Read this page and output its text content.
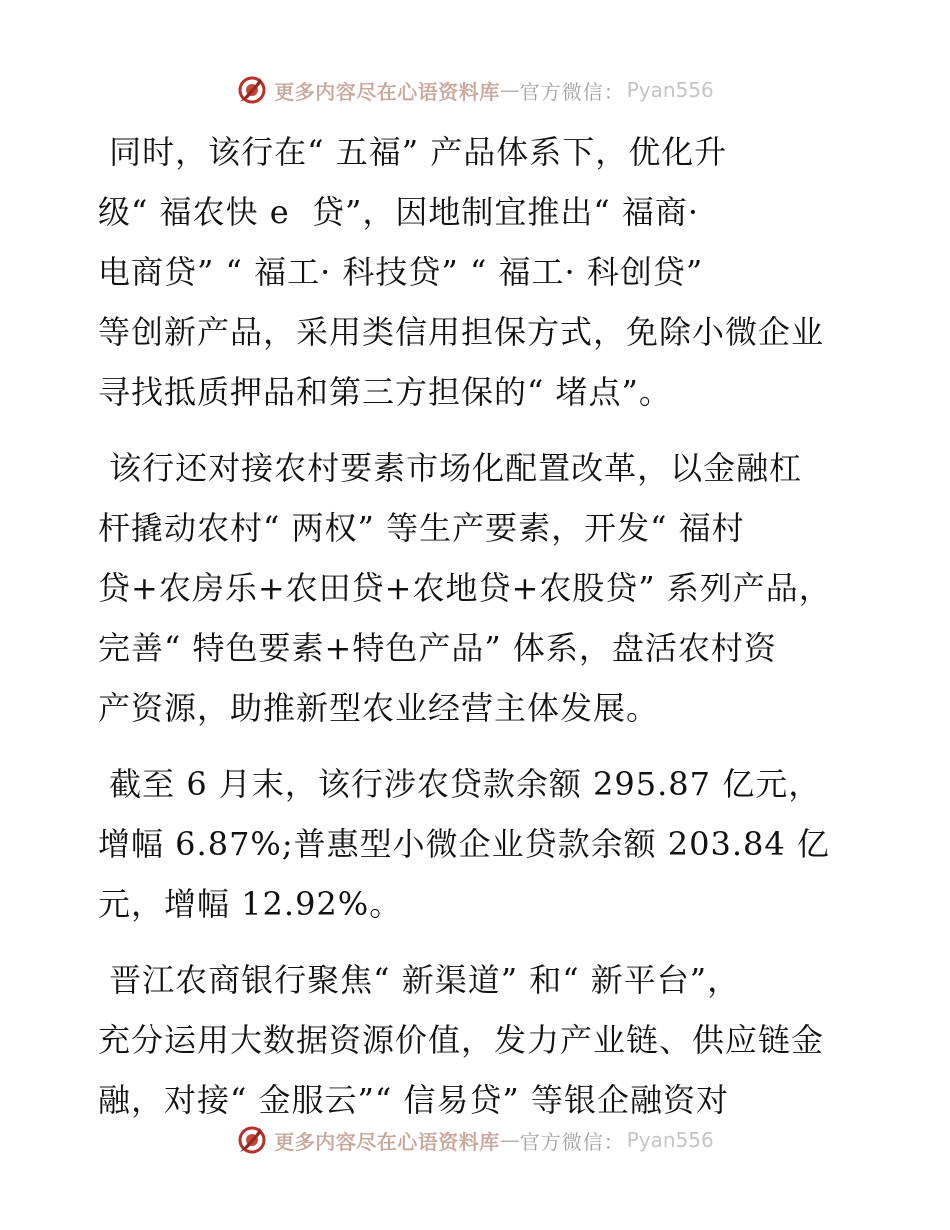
更多内容尽在心语资料库 — 官方微信： Pyan556
同时，该行在“ 五福” 产品体系下，优化升
级“ 福农快 e  贷”，因地制宜推出“ 福商·
电商贷” “ 福工· 科技贷” “ 福工· 科创贷”
等创新产品，采用类信用担保方式，免除小微企业
寻找抵质押品和第三方担保的“ 堵点”。
该行还对接农村要素市场化配置改革，以金融杠
杆撬动农村“ 两权” 等生产要素，开发“ 福村
贷+农房乐+农田贷+农地贷+农股贷” 系列产品，
完善“ 特色要素+特色产品” 体系，盘活农村资
产资源，助推新型农业经营主体发展。
截至 6 月末，该行涉农贷款余额 295.87 亿元，
增幅 6.87%;普惠型小微企业贷款余额 203.84 亿
元，增幅 12.92%。
晋江农商银行聚焦“ 新渠道” 和“ 新平台”，
充分运用大数据资源价值，发力产业链、供应链金
融，对接“ 金服云”“ 信易贷” 等银企融资对
更多内容尽在心语资料库 — 官方微信： Pyan556
